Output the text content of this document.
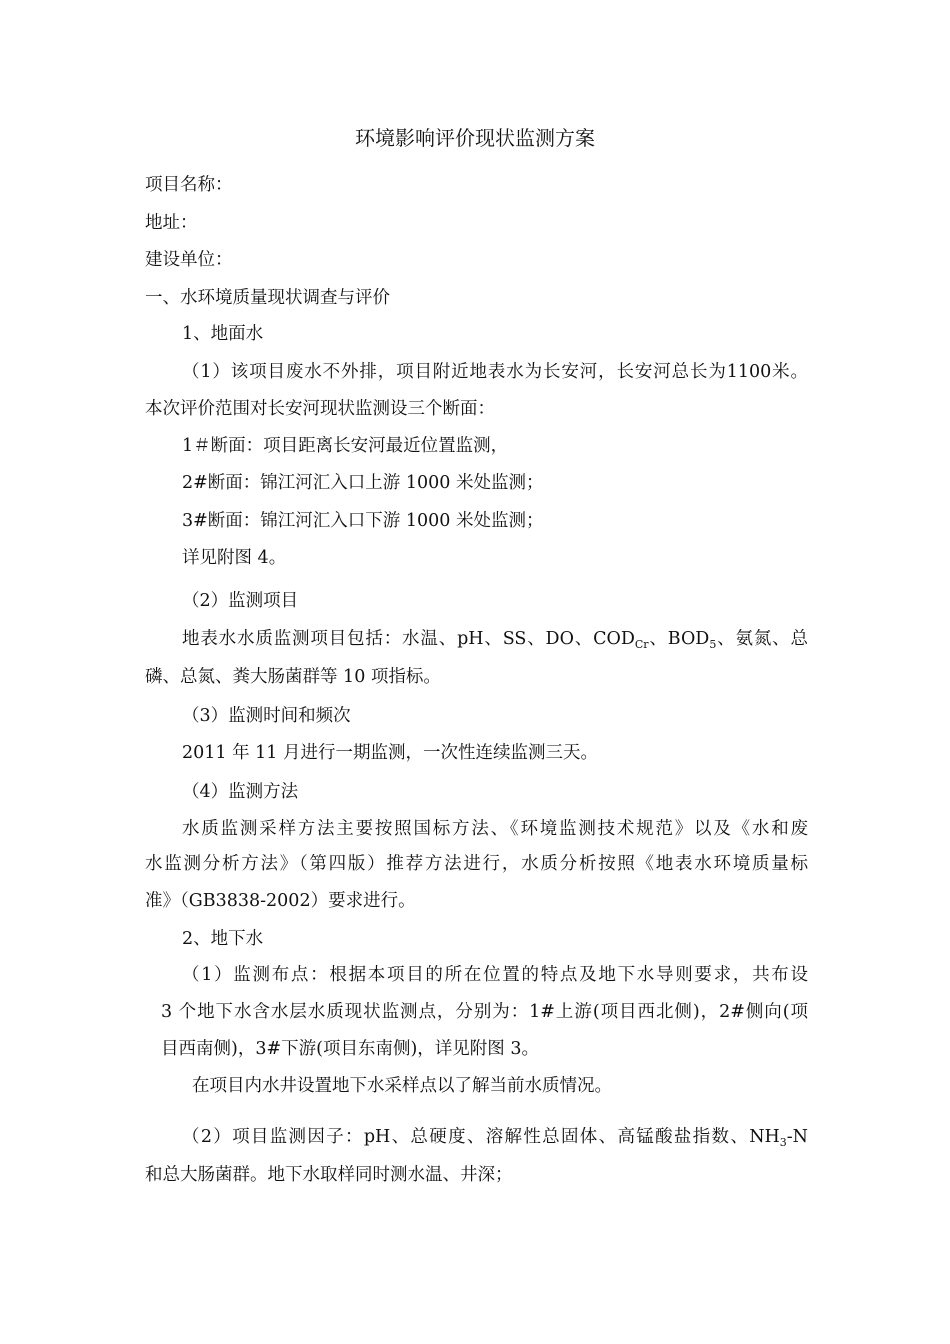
环境影响评价现状监测方案
项目名称：
地址：
建设单位：
一、水环境质量现状调查与评价
1、地面水
（1）该项目废水不外排，项目附近地表水为长安河，长安河总长为1100米。
本次评价范围对长安河现状监测设三个断面：
1＃断面：项目距离长安河最近位置监测，
2#断面：锦江河汇入口上游 1000 米处监测；
3#断面：锦江河汇入口下游 1000 米处监测；
详见附图 4。
（2）监测项目
地表水水质监测项目包括：水温、pH、SS、DO、$COD_{Cr}$、$BOD_5$、氨氮、总
磷、总氮、粪大肠菌群等 10 项指标。
（3）监测时间和频次
2011 年 11 月进行一期监测，一次性连续监测三天。
（4）监测方法
水质监测采样方法主要按照国标方法、《环境监测技术规范》以及《水和废
水监测分析方法》（第四版）推荐方法进行，水质分析按照《地表水环境质量标
准》（GB3838-2002）要求进行。
2、地下水
（1）监测布点：根据本项目的所在位置的特点及地下水导则要求，共布设
3 个地下水含水层水质现状监测点，分别为：1#上游(项目西北侧)，2#侧向(项
目西南侧)，3#下游(项目东南侧)，详见附图 3。
在项目内水井设置地下水采样点以了解当前水质情况。
（2）项目监测因子：pH、总硬度、溶解性总固体、高锰酸盐指数、$NH_3-N$
和总大肠菌群。地下水取样同时测水温、井深；
